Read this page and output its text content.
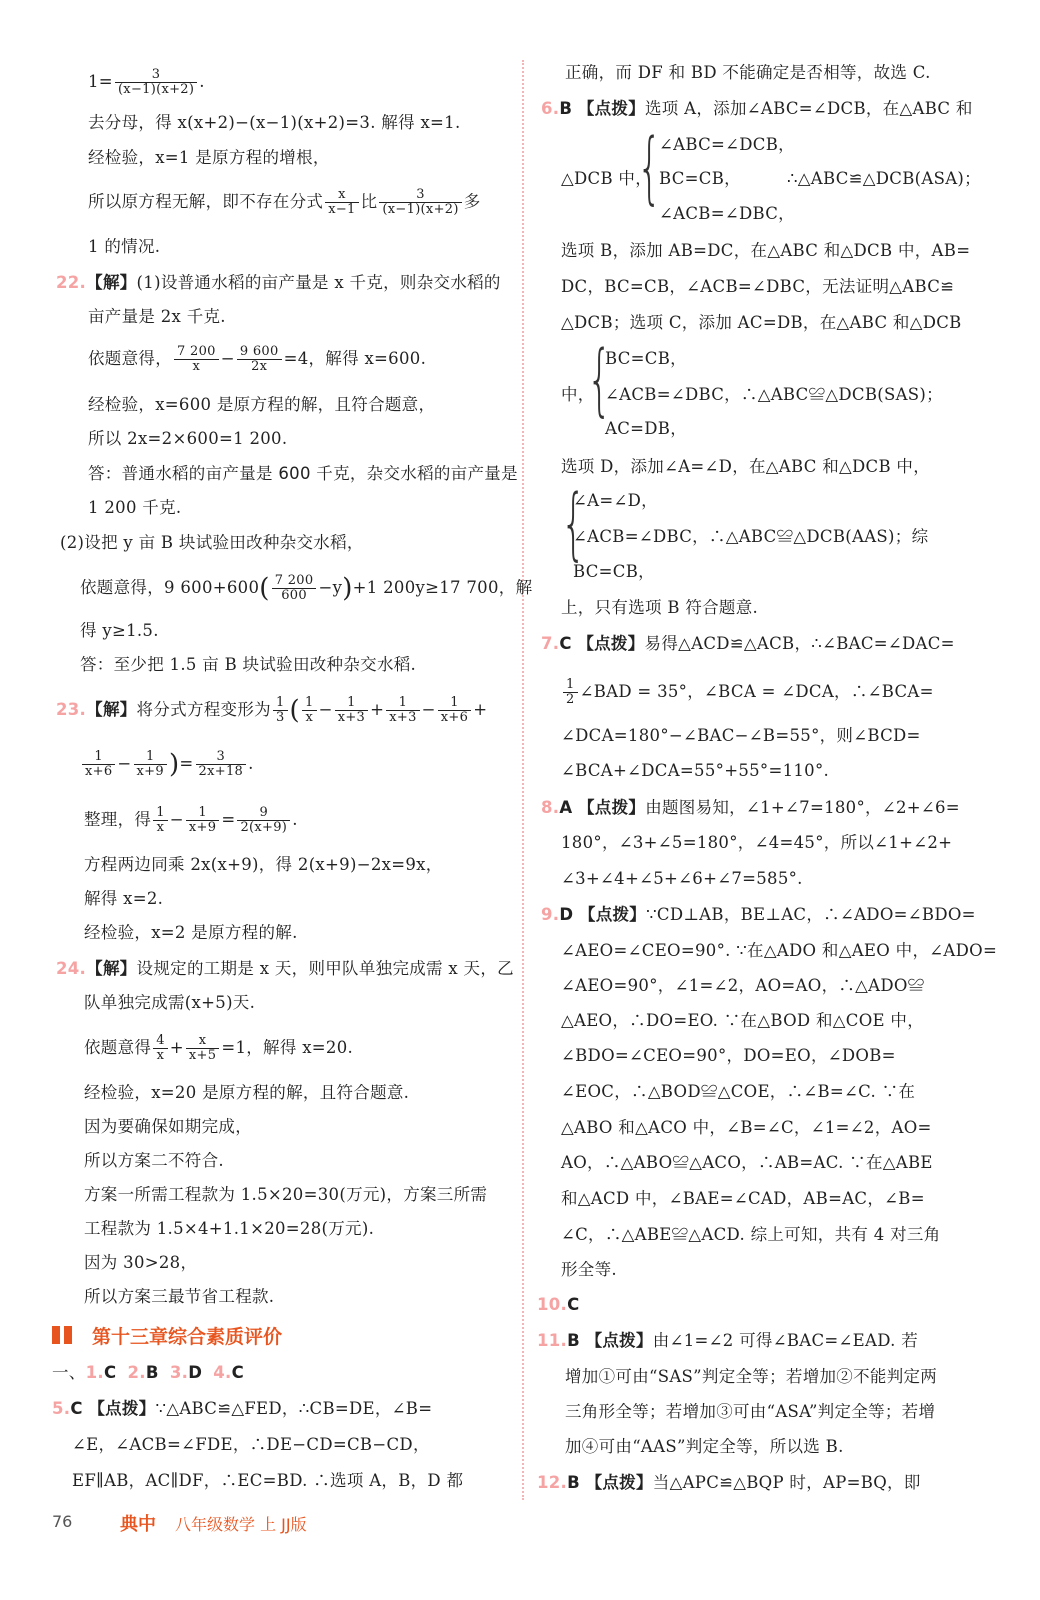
$1= \frac{3}{(x-1)(x+2)}$ .
去分母，得 x(x+2)−(x−1)(x+2)=3. 解得 x=1.
经检验，x=1 是原方程的增根，
所以原方程无解，即不存在分式 $\frac{x}{x-1}$ 比 $\frac{3}{(x-1)(x+2)}$ 多
1 的情况.
22.【解】(1)设普通水稻的亩产量是 x 千克，则杂交水稻的
亩产量是 2x 千克.
依题意得， $\frac{7 200}{x} - \frac{9 600}{2x} =4$，解得 x=600.
经检验，x=600 是原方程的解，且符合题意，
所以 2x=2×600=1 200.
答：普通水稻的亩产量是 600 千克，杂交水稻的亩产量是
1 200 千克.
(2)设把 y 亩 B 块试验田改种杂交水稻，
依题意得，9 $600+600( \frac{7 200}{600} -y)+1$ 200y≥17 700，解
得 y≥1.5.
答：至少把 1.5 亩 B 块试验田改种杂交水稻.
23.【解】将分式方程变形为 $\frac{1}{3}$ ( $\frac{1}{x} - \frac{1}{x+3} + \frac{1}{x+3} - \frac{1}{x+6}$ +
$\frac{1}{x+6} - \frac{1}{x+9}$ )= $\frac{3}{2x+18}$ .
整理，得 $\frac{1}{x} - \frac{1}{x+9} = \frac{9}{2(x+9)}$ .
方程两边同乘 2x(x+9)，得 2(x+9)−2x=9x，
解得 x=2.
经检验，x=2 是原方程的解.
24.【解】设规定的工期是 x 天，则甲队单独完成需 x 天，乙
队单独完成需(x+5)天.
依题意得 $\frac{4}{x} + \frac{x}{x+5} =1$，解得 x=20.
经检验，x=20 是原方程的解，且符合题意.
因为要确保如期完成，
所以方案二不符合.
方案一所需工程款为 1.5×20=30(万元)，方案三所需
工程款为 1.5×4+1.1×20=28(万元).
因为 30>28，
所以方案三最节省工程款.
第十三章综合素质评价
一、1.C 2.B 3.D 4.C
5.C 【点拨】∵△ABC≌△FED，∴CB=DE，∠B=
∠E，∠ACB=∠FDE，∴DE−CD=CB−CD，
EF∥AB，AC∥DF，∴EC=BD. ∴选项 A，B，D 都
正确，而 DF 和 BD 不能确定是否相等，故选 C.
6.B 【点拨】选项 A，添加∠ABC=∠DCB，在△ABC 和
△DCB 中，
{
∠ABC=∠DCB，
BC=CB，	∴△ABC≌△DCB(ASA)；
∠ACB=∠DBC，
选项 B，添加 AB=DC，在△ABC 和△DCB 中，AB=
DC，BC=CB，∠ACB=∠DBC，无法证明△ABC≌
△DCB；选项 C，添加 AC=DB，在△ABC 和△DCB
中，
{
BC=CB，
∠ACB=∠DBC，∴△ABC≌△DCB(SAS)；
AC=DB，
选项 D，添加∠A=∠D，在△ABC 和△DCB 中，
{
∠A=∠D，
∠ACB=∠DBC，∴△ABC≌△DCB(AAS)；综
BC=CB，
上，只有选项 B 符合题意.
7.C 【点拨】易得△ACD≌△ACB，∴∠BAC=∠DAC=
$\frac{1}{2}$ ∠BAD = 35°，∠BCA = ∠DCA，∴∠BCA=
∠DCA=180°−∠BAC−∠B=55°，则∠BCD=
∠BCA+∠DCA=55°+55°=110°.
8.A 【点拨】由题图易知，∠1+∠7=180°，∠2+∠6=
180°，∠3+∠5=180°，∠4=45°，所以∠1+∠2+
∠3+∠4+∠5+∠6+∠7=585°.
9.D 【点拨】∵CD⊥AB，BE⊥AC，∴∠ADO=∠BDO=
∠AEO=∠CEO=90°. ∵在△ADO 和△AEO 中，∠ADO=
∠AEO=90°，∠1=∠2，AO=AO，∴△ADO≌
△AEO，∴DO=EO. ∵在△BOD 和△COE 中，
∠BDO=∠CEO=90°，DO=EO，∠DOB=
∠EOC，∴△BOD≌△COE，∴∠B=∠C. ∵在
△ABO 和△ACO 中，∠B=∠C，∠1=∠2，AO=
AO，∴△ABO≌△ACO，∴AB=AC. ∵在△ABE
和△ACD 中，∠BAE=∠CAD，AB=AC，∠B=
∠C，∴△ABE≌△ACD. 综上可知，共有 4 对三角
形全等.
10.C
11.B 【点拨】由∠1=∠2 可得∠BAC=∠EAD. 若
增加①可由“SAS”判定全等；若增加②不能判定两
三角形全等；若增加③可由“ASA”判定全等；若增
加④可由“AAS”判定全等，所以选 B.
12.B 【点拨】当△APC≌△BQP 时，AP=BQ，即
76	典中 八年级数学 上 JJ版
